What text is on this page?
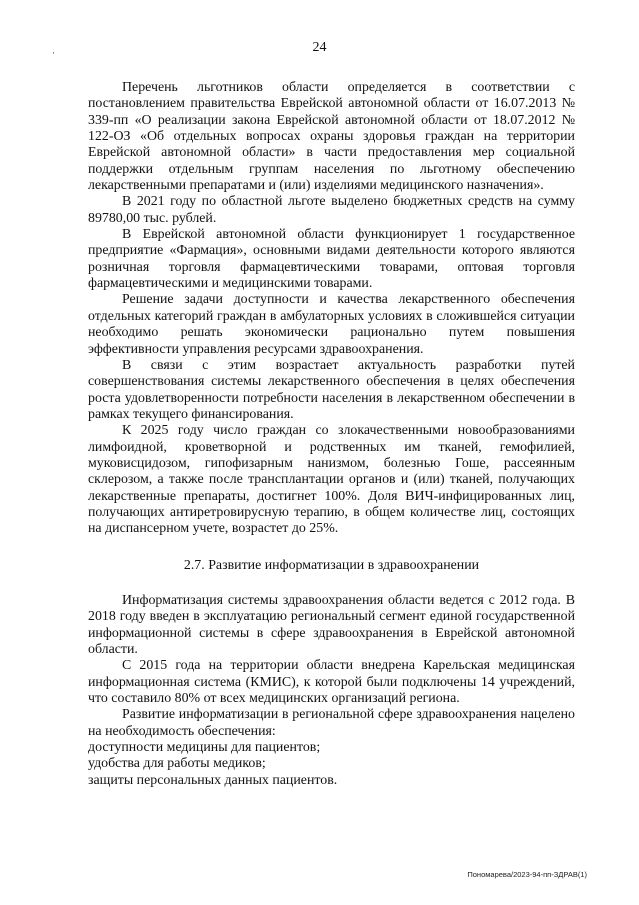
·	24

Перечень льготников области определяется в соответствии с постановлением правительства Еврейской автономной области от 16.07.2013 № 339-пп «О реализации закона Еврейской автономной области от 18.07.2012 № 122-ОЗ «Об отдельных вопросах охраны здоровья граждан на территории Еврейской автономной области» в части предоставления мер социальной поддержки отдельным группам населения по льготному обеспечению лекарственными препаратами и (или) изделиями медицинского назначения».

В 2021 году по областной льготе выделено бюджетных средств на сумму 89780,00 тыс. рублей.

В Еврейской автономной области функционирует 1 государственное предприятие «Фармация», основными видами деятельности которого являются розничная торговля фармацевтическими товарами, оптовая торговля фармацевтическими и медицинскими товарами.

Решение задачи доступности и качества лекарственного обеспечения отдельных категорий граждан в амбулаторных условиях в сложившейся ситуации необходимо решать экономически рационально путем повышения эффективности управления ресурсами здравоохранения.

В связи с этим возрастает актуальность разработки путей совершенствования системы лекарственного обеспечения в целях обеспечения роста удовлетворенности потребности населения в лекарственном обеспечении в рамках текущего финансирования.

К 2025 году число граждан со злокачественными новообразованиями лимфоидной, кроветворной и родственных им тканей, гемофилией, муковисцидозом, гипофизарным нанизмом, болезнью Гоше, рассеянным склерозом, а также после трансплантации органов и (или) тканей, получающих лекарственные препараты, достигнет 100%. Доля ВИЧ-инфицированных лиц, получающих антиретровирусную терапию, в общем количестве лиц, состоящих на диспансерном учете, возрастет до 25%.

2.7. Развитие информатизации в здравоохранении

Информатизация системы здравоохранения области ведется с 2012 года. В 2018 году введен в эксплуатацию региональный сегмент единой государственной информационной системы в сфере здравоохранения в Еврейской автономной области.

С 2015 года на территории области внедрена Карельская медицинская информационная система (КМИС), к которой были подключены 14 учреждений, что составило 80% от всех медицинских организаций региона.

Развитие информатизации в региональной сфере здравоохранения нацелено на необходимость обеспечения:

доступности медицины для пациентов;

удобства для работы медиков;

защиты персональных данных пациентов.

Пономарева/2023-94-пп-ЗДРАВ(1)
